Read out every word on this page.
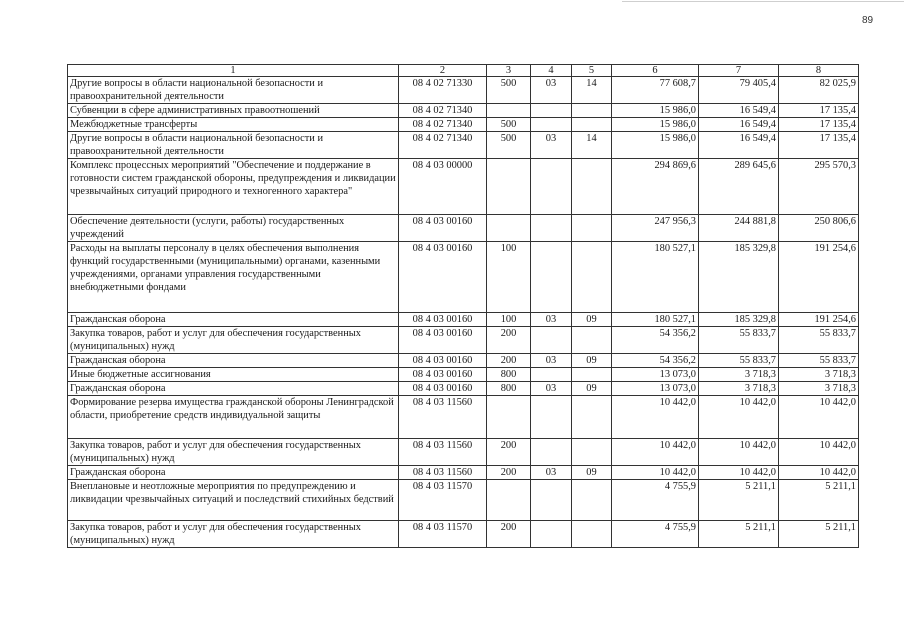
89
1	2	3	4	5	6	7	8
Другие вопросы в области национальной безопасности и правоохранительной деятельности	08 4 02 71330	500	03	14	77 608,7	79 405,4	82 025,9
Субвенции в сфере административных правоотношений	08 4 02 71340				15 986,0	16 549,4	17 135,4
Межбюджетные трансферты	08 4 02 71340	500			15 986,0	16 549,4	17 135,4
Другие вопросы в области национальной безопасности и правоохранительной деятельности	08 4 02 71340	500	03	14	15 986,0	16 549,4	17 135,4
Комплекс процессных мероприятий "Обеспечение и поддержание в готовности систем гражданской обороны, предупреждения и ликвидации чрезвычайных ситуаций природного и техногенного характера"	08 4 03 00000				294 869,6	289 645,6	295 570,3
Обеспечение деятельности (услуги, работы) государственных учреждений	08 4 03 00160				247 956,3	244 881,8	250 806,6
Расходы на выплаты персоналу в целях обеспечения выполнения функций государственными (муниципальными) органами, казенными учреждениями, органами управления государственными внебюджетными фондами	08 4 03 00160	100			180 527,1	185 329,8	191 254,6
Гражданская оборона	08 4 03 00160	100	03	09	180 527,1	185 329,8	191 254,6
Закупка товаров, работ и услуг для обеспечения государственных (муниципальных) нужд	08 4 03 00160	200			54 356,2	55 833,7	55 833,7
Гражданская оборона	08 4 03 00160	200	03	09	54 356,2	55 833,7	55 833,7
Иные бюджетные ассигнования	08 4 03 00160	800			13 073,0	3 718,3	3 718,3
Гражданская оборона	08 4 03 00160	800	03	09	13 073,0	3 718,3	3 718,3
Формирование резерва имущества гражданской обороны Ленинградской области, приобретение средств индивидуальной защиты	08 4 03 11560				10 442,0	10 442,0	10 442,0
Закупка товаров, работ и услуг для обеспечения государственных (муниципальных) нужд	08 4 03 11560	200			10 442,0	10 442,0	10 442,0
Гражданская оборона	08 4 03 11560	200	03	09	10 442,0	10 442,0	10 442,0
Внеплановые и неотложные мероприятия по предупреждению и ликвидации чрезвычайных ситуаций и последствий стихийных бедствий	08 4 03 11570				4 755,9	5 211,1	5 211,1
Закупка товаров, работ и услуг для обеспечения государственных (муниципальных) нужд	08 4 03 11570	200			4 755,9	5 211,1	5 211,1
